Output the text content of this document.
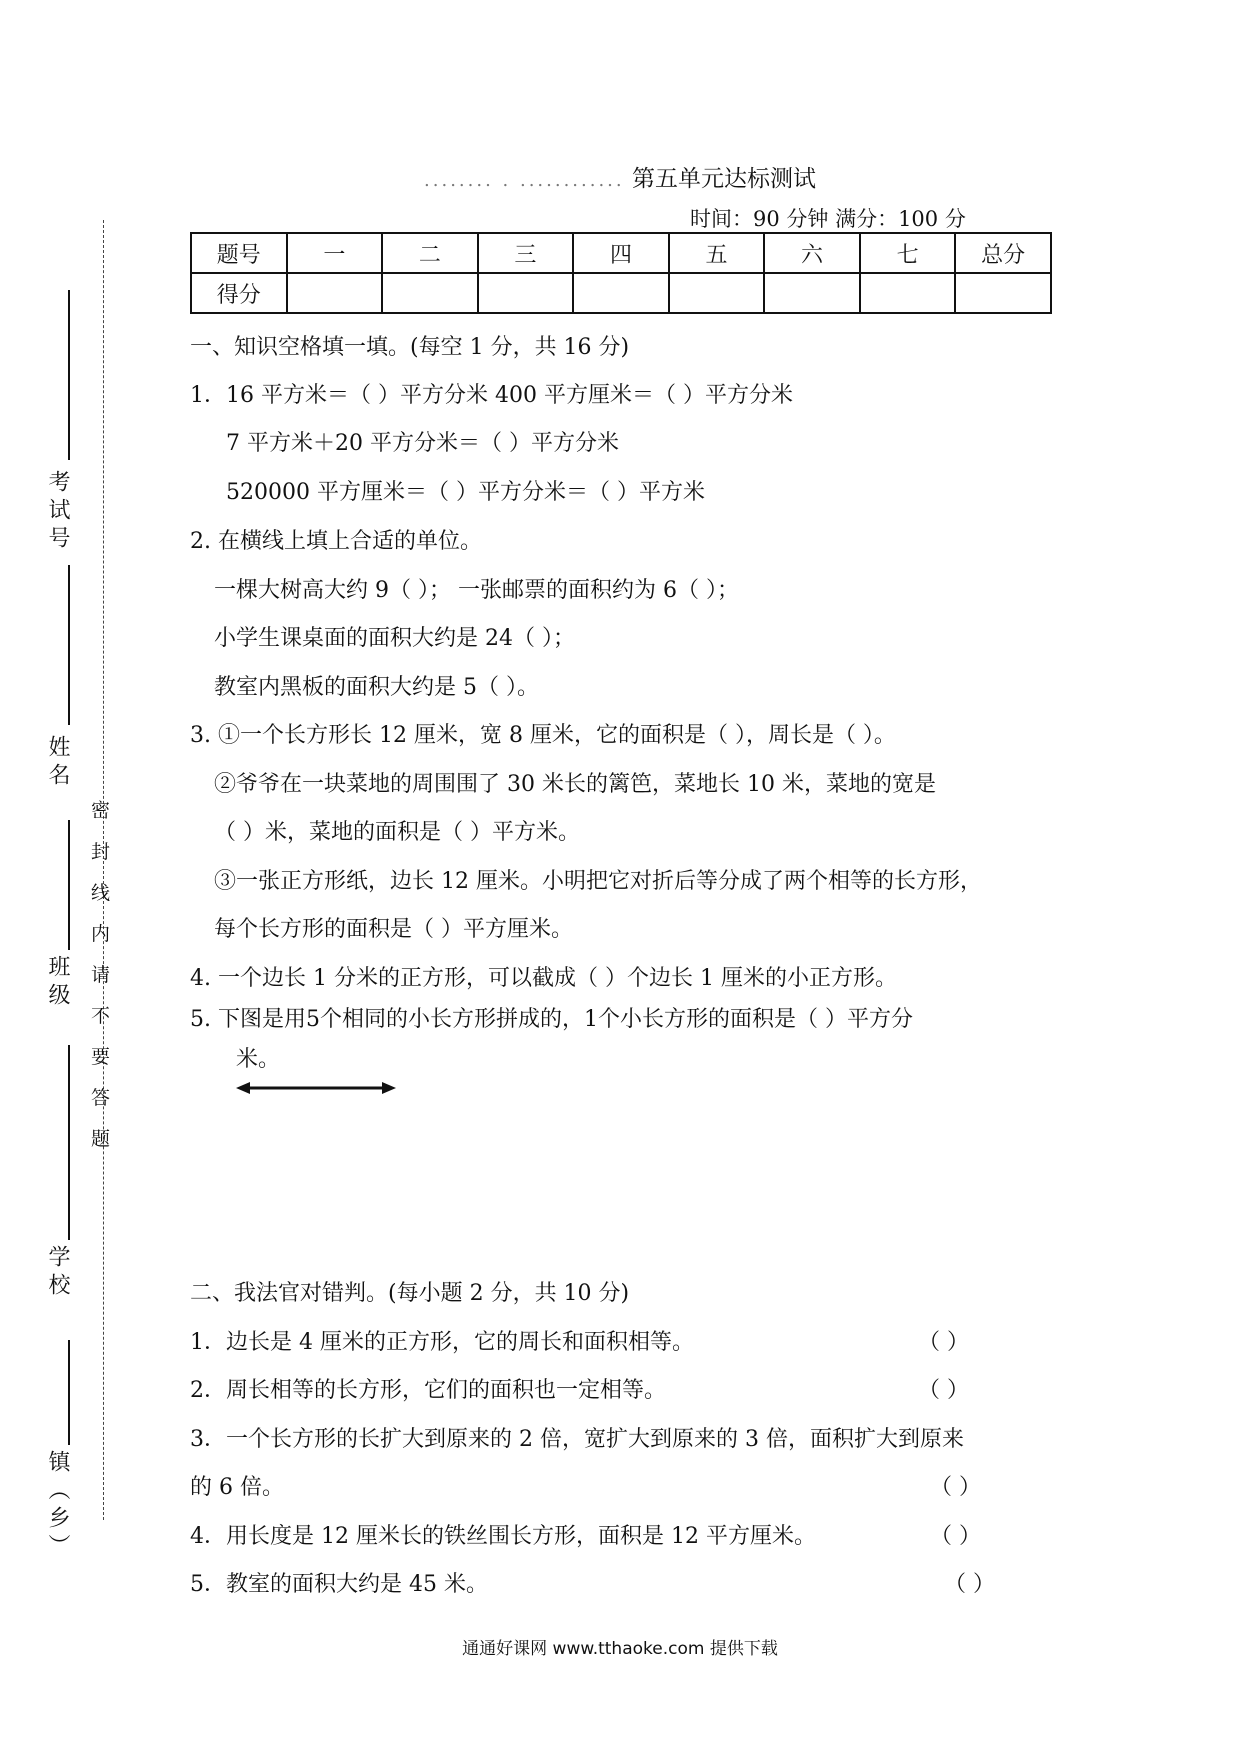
........ . ............ 第五单元达标测试
时间：90 分钟 满分：100 分
题号	一	二	三	四	五	六	七	总分
得分								
考试号
姓名
班级
学校
镇（乡）
密 封 线 内 请 不 要 答 题
一、知识空格填一填。(每空 1 分，共 16 分)
1．16 平方米＝（ ）平方分米 400 平方厘米＝（ ）平方分米
7 平方米＋20 平方分米＝（ ）平方分米
520000 平方厘米＝（ ）平方分米＝（ ）平方米
2. 在横线上填上合适的单位。
一棵大树高大约 9（ ）； 一张邮票的面积约为 6（ ）；
小学生课桌面的面积大约是 24（ ）；
教室内黑板的面积大约是 5（ ）。
3. ①一个长方形长 12 厘米，宽 8 厘米，它的面积是（ ），周长是（ ）。
②爷爷在一块菜地的周围围了 30 米长的篱笆，菜地长 10 米，菜地的宽是
（ ）米，菜地的面积是（ ）平方米。
③一张正方形纸，边长 12 厘米。小明把它对折后等分成了两个相等的长方形，
每个长方形的面积是（ ）平方厘米。
4. 一个边长 1 分米的正方形，可以截成（ ）个边长 1 厘米的小正方形。
5. 下图是用5个相同的小长方形拼成的，1个小长方形的面积是（ ）平方分
米。
二、我法官对错判。(每小题 2 分，共 10 分)
1．边长是 4 厘米的正方形，它的周长和面积相等。	（ ）
2．周长相等的长方形，它们的面积也一定相等。	（ ）
3．一个长方形的长扩大到原来的 2 倍，宽扩大到原来的 3 倍，面积扩大到原来
的 6 倍。	（ ）
4．用长度是 12 厘米长的铁丝围长方形，面积是 12 平方厘米。	（ ）
5．教室的面积大约是 45 米。	（ ）
通通好课网 www.tthaoke.com 提供下载
